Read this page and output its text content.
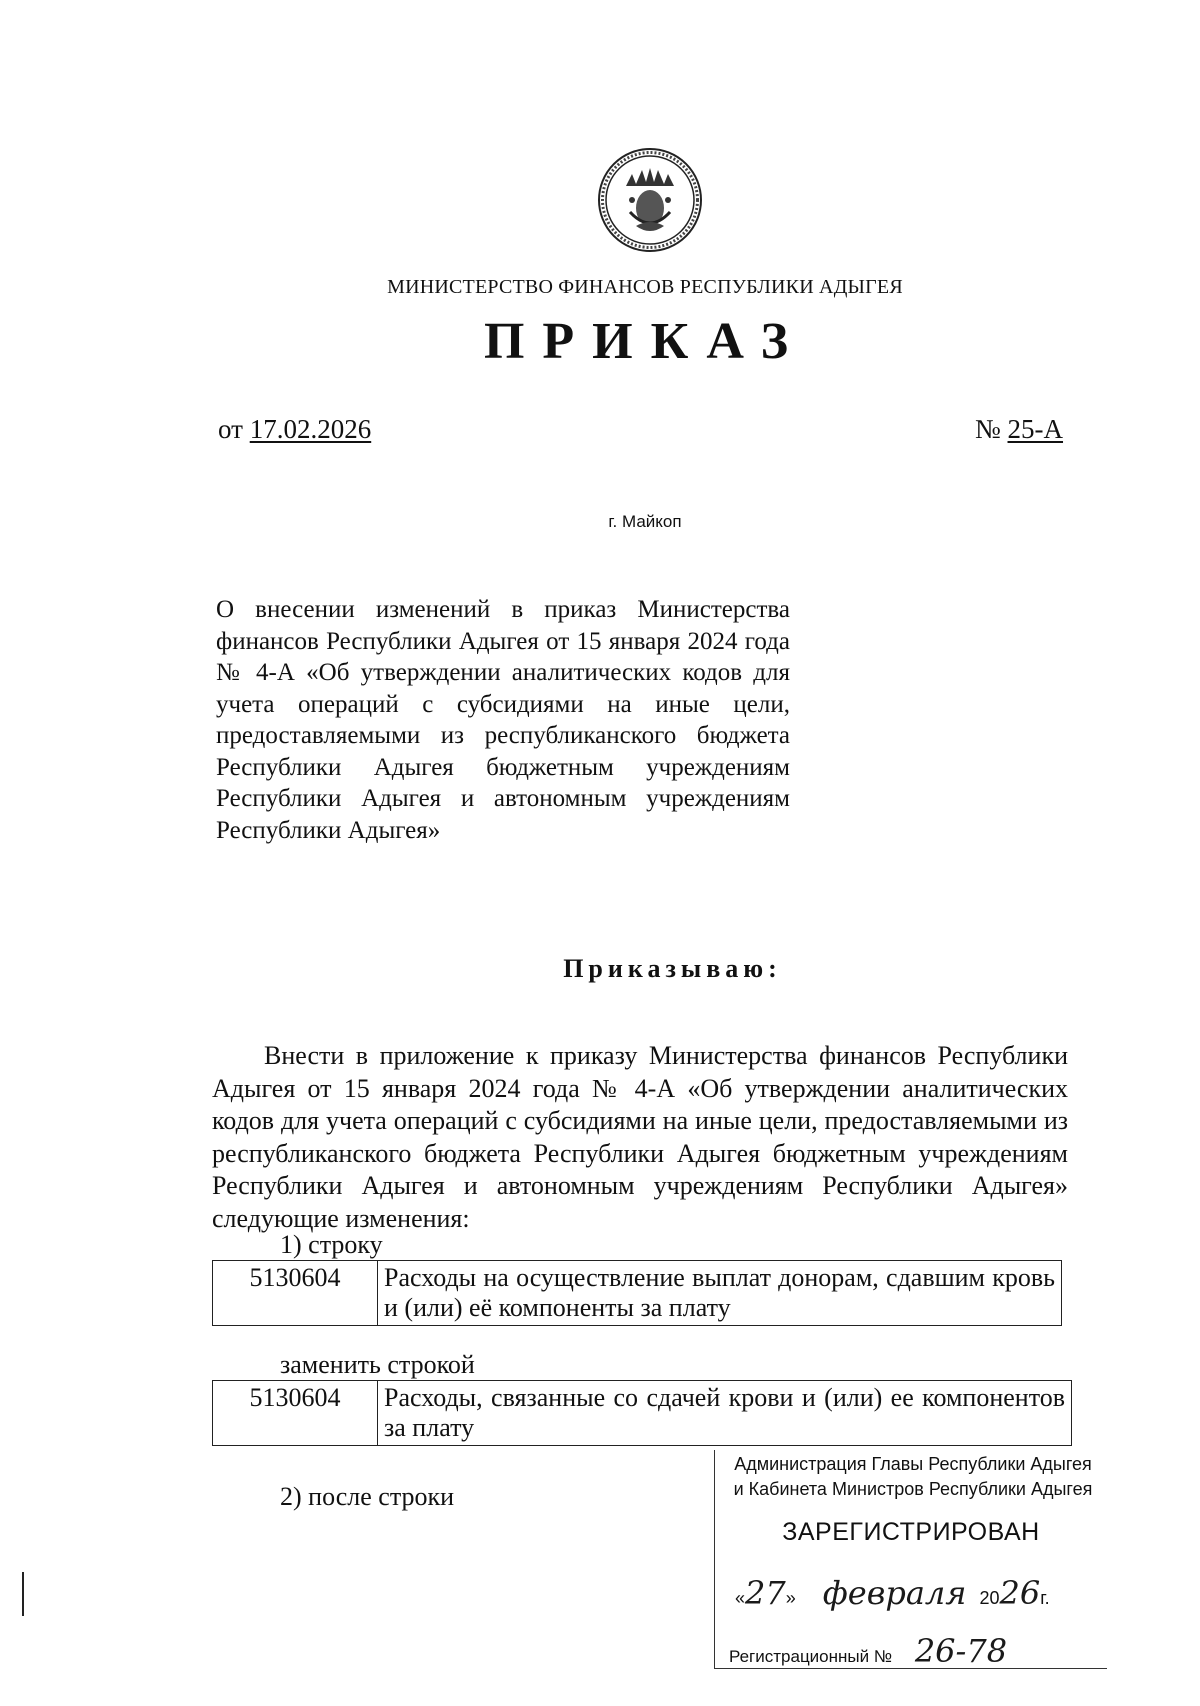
МИНИСТЕРСТВО ФИНАНСОВ РЕСПУБЛИКИ АДЫГЕЯ
ПРИКАЗ
от 17.02.2026	№ 25-А
г. Майкоп
О внесении изменений в приказ Министерства финансов Республики Адыгея от 15 января 2024 года № 4-А «Об утверждении аналитических кодов для учета операций с субсидиями на иные цели, предоставляемыми из республиканского бюджета Республики Адыгея бюджетным учреждениям Республики Адыгея и автономным учреждениям Республики Адыгея»
Приказываю:
Внести в приложение к приказу Министерства финансов Республики Адыгея от 15 января 2024 года № 4-А «Об утверждении аналитических кодов для учета операций с субсидиями на иные цели, предоставляемыми из республиканского бюджета Республики Адыгея бюджетным учреждениям Республики Адыгея и автономным учреждениям Республики Адыгея» следующие изменения:
1) строку
5130604	Расходы на осуществление выплат донорам, сдавшим кровь и (или) её компоненты за плату
заменить строкой
5130604	Расходы, связанные со сдачей крови и (или) ее компонентов за плату
2) после строки
Администрация Главы Республики Адыгея
и Кабинета Министров Республики Адыгея
ЗАРЕГИСТРИРОВАН
«27» февраля 2026г.
Регистрационный № 26-78
